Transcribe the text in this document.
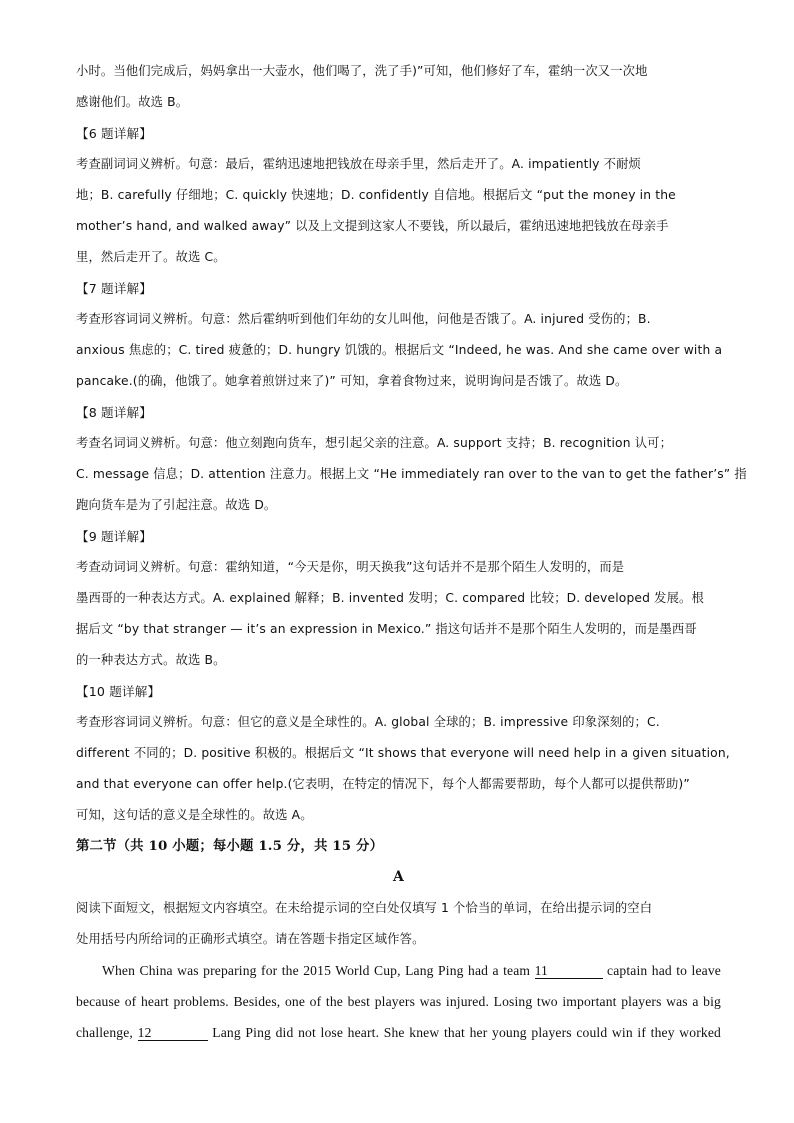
小时。当他们完成后，妈妈拿出一大壶水，他们喝了，洗了手)”可知，他们修好了车，霍纳一次又一次地
感谢他们。故选 B。
【6 题详解】
考查副词词义辨析。句意：最后，霍纳迅速地把钱放在母亲手里，然后走开了。A. impatiently 不耐烦
地；B. carefully 仔细地；C. quickly 快速地；D. confidently 自信地。根据后文 “put the money in the
mother’s hand, and walked away” 以及上文提到这家人不要钱，所以最后，霍纳迅速地把钱放在母亲手
里，然后走开了。故选 C。
【7 题详解】
考查形容词词义辨析。句意：然后霍纳听到他们年幼的女儿叫他，问他是否饿了。A. injured 受伤的；B.
anxious 焦虑的；C. tired 疲惫的；D. hungry 饥饿的。根据后文 “Indeed, he was. And she came over with a
pancake.(的确，他饿了。她拿着煎饼过来了)” 可知，拿着食物过来，说明询问是否饿了。故选 D。
【8 题详解】
考查名词词义辨析。句意：他立刻跑向货车，想引起父亲的注意。A. support 支持；B. recognition 认可；
C. message 信息；D. attention 注意力。根据上文 “He immediately ran over to the van to get the father’s” 指
跑向货车是为了引起注意。故选 D。
【9 题详解】
考查动词词义辨析。句意：霍纳知道，“今天是你，明天换我”这句话并不是那个陌生人发明的，而是
墨西哥的一种表达方式。A. explained 解释；B. invented 发明；C. compared 比较；D. developed 发展。根
据后文 “by that stranger — it’s an expression in Mexico.” 指这句话并不是那个陌生人发明的，而是墨西哥
的一种表达方式。故选 B。
【10 题详解】
考查形容词词义辨析。句意：但它的意义是全球性的。A. global 全球的；B. impressive 印象深刻的；C.
different 不同的；D. positive 积极的。根据后文 “It shows that everyone will need help in a given situation,
and that everyone can offer help.(它表明，在特定的情况下，每个人都需要帮助，每个人都可以提供帮助)”
可知，这句话的意义是全球性的。故选 A。
第二节（共 10 小题；每小题 1.5 分，共 15 分）
A
阅读下面短文，根据短文内容填空。在未给提示词的空白处仅填写 1 个恰当的单词，在给出提示词的空白
处用括号内所给词的正确形式填空。请在答题卡指定区域作答。
When China was preparing for the 2015 World Cup, Lang Ping had a team 11	captain had to leave
because of heart problems. Besides, one of the best players was injured. Losing two important players was a big
challenge, 12	Lang Ping did not lose heart. She knew that her young players could win if they worked
